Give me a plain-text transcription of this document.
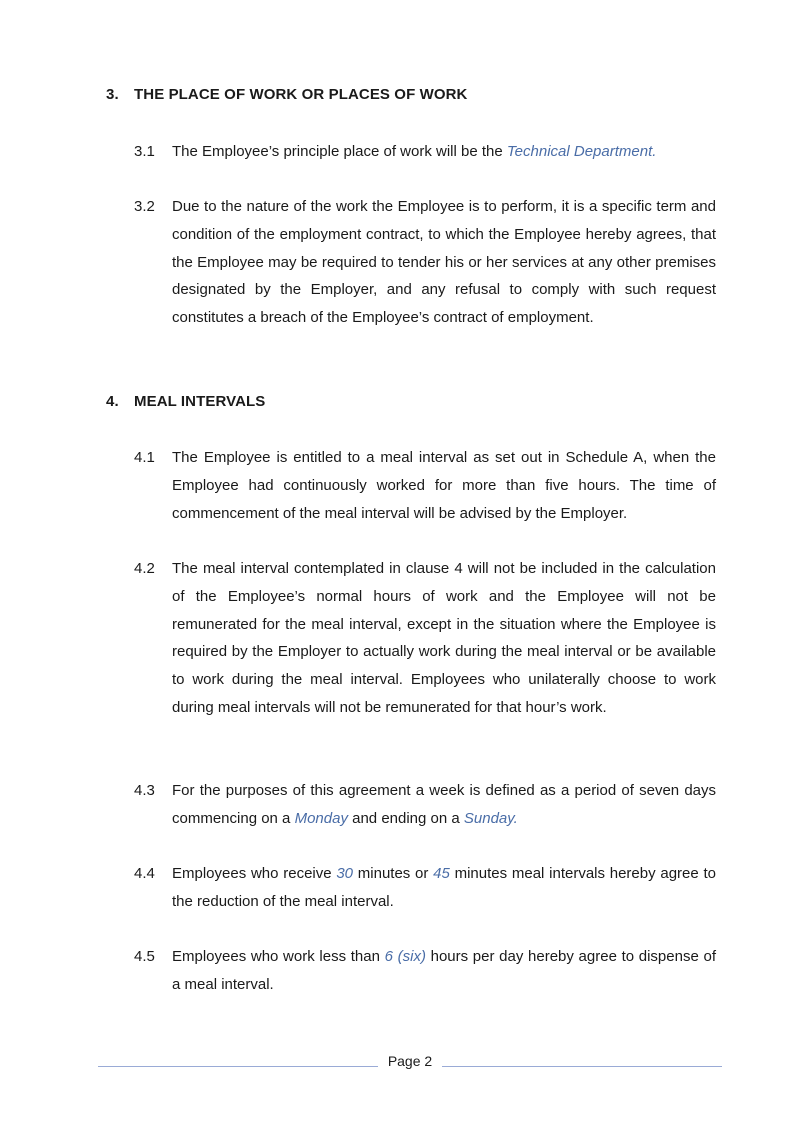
3. THE PLACE OF WORK OR PLACES OF WORK
3.1 The Employee’s principle place of work will be the Technical Department.
3.2 Due to the nature of the work the Employee is to perform, it is a specific term and condition of the employment contract, to which the Employee hereby agrees, that the Employee may be required to tender his or her services at any other premises designated by the Employer, and any refusal to comply with such request constitutes a breach of the Employee’s contract of employment.
4. MEAL INTERVALS
4.1 The Employee is entitled to a meal interval as set out in Schedule A, when the Employee had continuously worked for more than five hours. The time of commencement of the meal interval will be advised by the Employer.
4.2 The meal interval contemplated in clause 4 will not be included in the calculation of the Employee’s normal hours of work and the Employee will not be remunerated for the meal interval, except in the situation where the Employee is required by the Employer to actually work during the meal interval or be available to work during the meal interval. Employees who unilaterally choose to work during meal intervals will not be remunerated for that hour’s work.
4.3 For the purposes of this agreement a week is defined as a period of seven days commencing on a Monday and ending on a Sunday.
4.4 Employees who receive 30 minutes or 45 minutes meal intervals hereby agree to the reduction of the meal interval.
4.5 Employees who work less than 6 (six) hours per day hereby agree to dispense of a meal interval.
Page 2
